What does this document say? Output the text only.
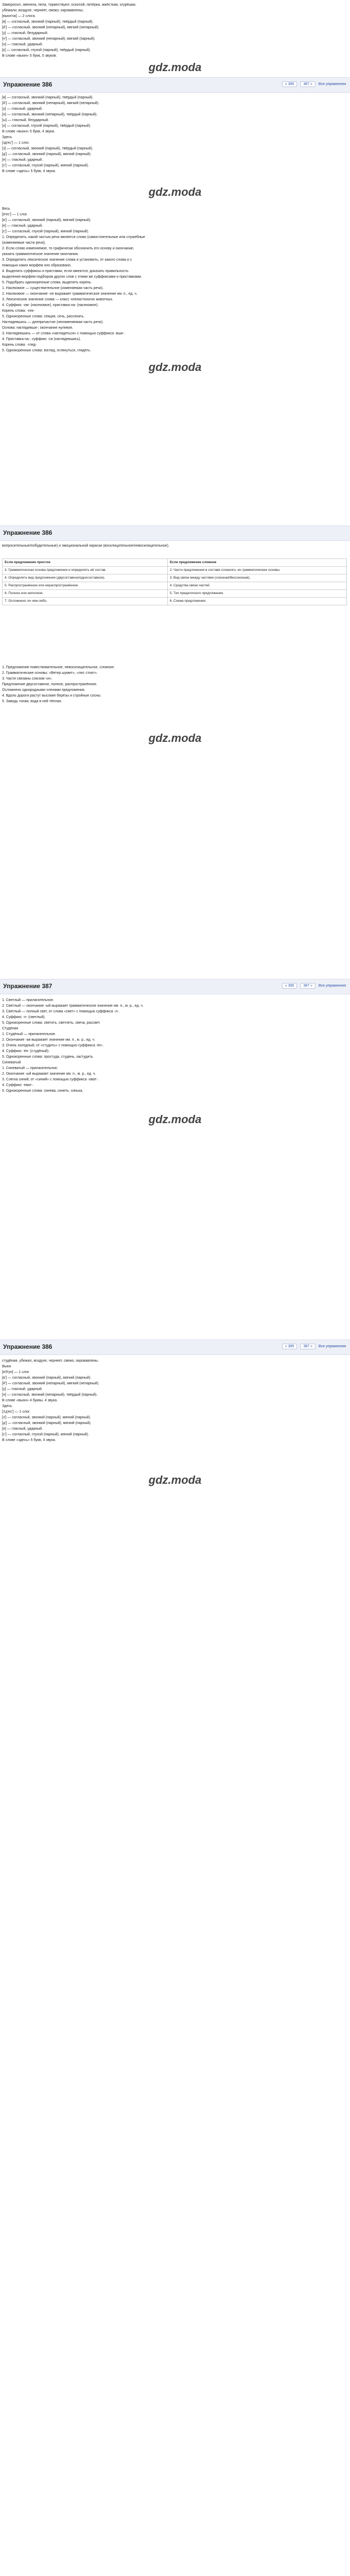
Заморосил, звенела, пела, торжествуют, осколой, пятёрка, жжёсткая, огурёшки,
убежали; воздухе, чернеет, свежо; окровавлены;
[вьюн'ок] — 2 слога.
[в] — согласный, звонкий (парный), твёрдый (парный).
[й'] — согласный, звонкий (непарный), мягкий (непарный).
[у] — гласный, безударный.
[н'] — согласный, звонкий (непарный), мягкий (парный).
[о] — гласный, ударный.
[к] — согласный, глухой (парный), твёрдый (парный).
В слове «вьюн» 5 букв, 5 звуков.
gdz.moda
Упражнение 386	« 385	387 »	Все упражнения
[в] — согласный, звонкий (парный), твёрдый (парный).
[й'] — согласный, звонкий (непарный), мягкий (непарный).
[у] — гласный, ударный.
[н] — согласный, звонкий (непарный), твёрдый (парный).
[ы] — гласный, безударный.
[х] — согласный, глухой (парный), твёрдый (парный).
В слове «вьюн» 5 букв, 4 звука.
Здесь
[зд'ес'] — 1 слог.
[з] — согласный, звонкий (парный), твёрдый (парный).
[д'] — согласный, звонкий (парный), мягкий (парный).
[е] — гласный, ударный.
[с'] — согласный, глухой (парный), мягкий (парный).
В слове «здесь» 5 букв, 4 звука.
gdz.moda
Весь
[в'ес'] — 1 слог.
[в'] — согласный, звонкий (парный), мягкий (парный).
[е] — гласный, ударный.
[с'] — согласный, глухой (парный), мягкий (парный).
1. Определить, какой частью речи является слово (самостоятельные или служебные
(изменяемые части речи).
2. Если слово изменяемое, то графически обозначить его основу и окончание,
указать грамматическое значение окончания.
3. Определить лексическое значение слова и установить, от какого слова и с
помощью каких морфем оно образовано.
4. Выделить суффиксы и приставки, если имеются; доказать правильность
выделения морфем подбором других слов с этими же суффиксами и приставками.
5. Подобрать однокоренные слова, выделить корень.
1. Насекомое — существительное (изменяемая часть речи).
2. Насекомое — окончание -ое выражает грамматическое значение им. п., ед. ч.
3. Лексическое значение слова — класс членистоногих животных.
4. Суффикс -ом- (насекомое), приставка на- (насекомое).
Корень слова: -сек-
5. Однокоренные слова: секция, сечь, рассекать.
Наглядевшись — деепричастие (неизменяемая часть речи).
Основа: наглядевши-; окончание нулевое.
3. Наглядевшись — от слова «наглядеться» с помощью суффикса -вши-.
4. Приставка на-, суффикс -ся (наглядевшись).
Корень слова: -гляд-
5. Однокоренные слова: взгляд, оглянуться, глядеть.
gdz.moda
Упражнение 386
вопросительные/побудительные) и эмоциональной окраски (восклицательное/невосклицательное).
Если предложение простое	Если предложение сложное
3. Грамматическая основа предложения и определить её состав.	2. Части предложения в составе сложного, их грамматические основы.
4. Определить вид предложения (двусоставное/односоставное).	3. Вид связи между частями (союзная/бессоюзная).
5. Распространённое или нераспространённое.	4. Средства связи частей.
6. Полное или неполное.	5. Тип придаточного предложения.
7. Осложнено ли чем-либо.	6. Схема предложения.
1. Предложение повествовательное, невосклицательное, сложное.
2. Грамматические основы: «Ветер шумит», «лес стоит».
3. Части связаны союзом «и».
Предложение двусоставное, полное, распространённое.
Осложнено однородными членами предложения.
4. Вдоль дороги растут высокие берёзы и стройные сосны.
5. Заводь тихая, вода в ней тёплая.
gdz.moda
Упражнение 387	« 385	387 »	Все упражнения
1. Светлый — прилагательное.
2. Светлый — окончание -ый выражает грамматическое значение им. п., м. р., ед. ч.
3. Светлый — полный свет, от слова «свет» с помощью суффикса -л-.
4. Суффикс -л- (светлый).
5. Однокоренные слова: светить, светлеть, свеча, рассвет.
Студёная
1. Студёный — прилагательное.
2. Окончание -ая выражает значение им. п., ж. р., ед. ч.
3. Очень холодный; от «студить» с помощью суффикса -ён-.
4. Суффикс -ён- (студёный).
5. Однокоренные слова: простуда, студень, застудить.
Синеватый
1. Синеватый — прилагательное.
2. Окончание -ый выражает значение им. п., м. р., ед. ч.
3. Слегка синий; от «синий» с помощью суффикса -оват-.
4. Суффикс -еват-.
5. Однокоренные слова: синева, синеть, синька.
gdz.moda
Упражнение 386	« 385	387 »	Все упражнения
студёная, убежал, воздухе, чернеет, свежо, окровавлены.
Вьюн
[в'й'ун] — 1 слог.
[в'] — согласный, звонкий (парный), мягкий (парный).
[й'] — согласный, звонкий (непарный), мягкий (непарный).
[у] — гласный, ударный.
[н] — согласный, звонкий (непарный), твёрдый (парный).
В слове «вьюн» 4 буквы, 4 звука.
Здесь
[з'д'ес'] — 1 слог.
[з'] — согласный, звонкий (парный), мягкий (парный).
[д'] — согласный, звонкий (парный), мягкий (парный).
[е] — гласный, ударный.
[с'] — согласный, глухой (парный), мягкий (парный).
В слове «здесь» 5 букв, 4 звука.
gdz.moda
